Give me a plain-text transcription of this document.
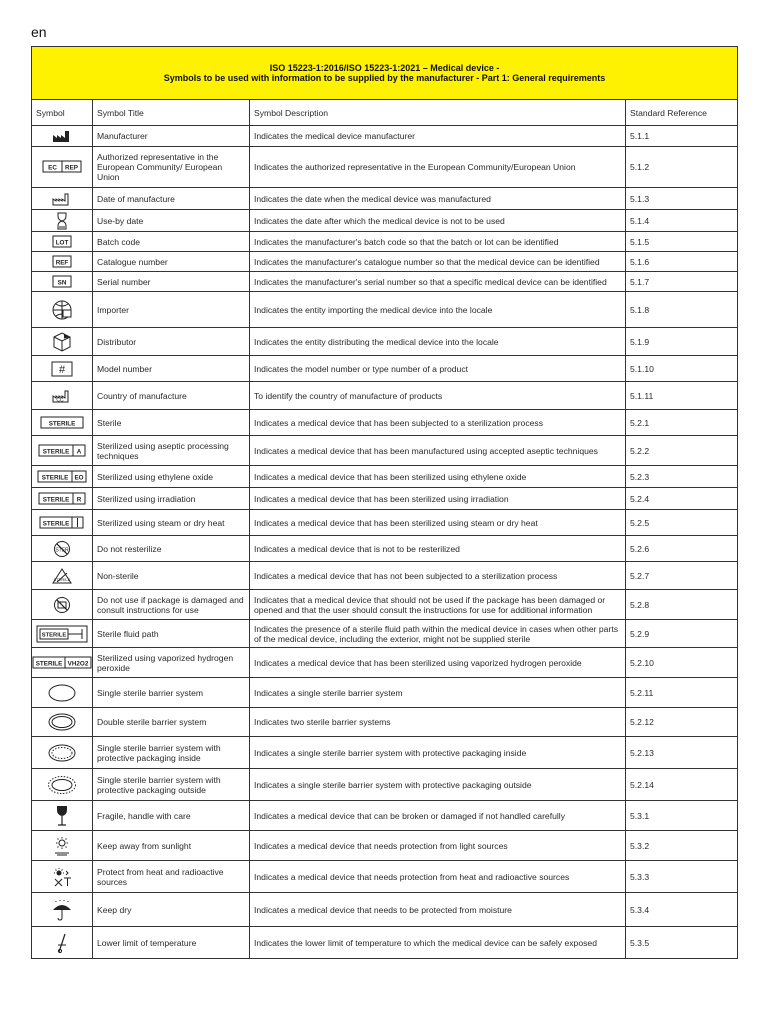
en
ISO 15223-1:2016/ISO 15223-1:2021 – Medical device -
Symbols to be used with information to be supplied by the manufacturer - Part 1: General requirements			

Symbol	Symbol Title	Symbol Description	Standard Reference

	Manufacturer	Indicates the medical device manufacturer	5.1.1

EC REP	Authorized representative in the European Community/ European Union	Indicates the authorized representative in the European Community/European Union	5.1.2

	Date of manufacture	Indicates the date when the medical device was manufactured	5.1.3

	Use-by date	Indicates the date after which the medical device is not to be used	5.1.4

LOT	Batch code	Indicates the manufacturer's batch code so that the batch or lot can be identified	5.1.5

REF	Catalogue number	Indicates the manufacturer's catalogue number so that the medical device can be identified	5.1.6

SN	Serial number	Indicates the manufacturer's serial number so that a specific medical device can be identified	5.1.7

	Importer	Indicates the entity importing the medical device into the locale	5.1.8

	Distributor	Indicates the entity distributing the medical device into the locale	5.1.9

#	Model number	Indicates the model number or type number of a product	5.1.10

CC	Country of manufacture	To identify the country of manufacture of products	5.1.11

STERILE	Sterile	Indicates a medical device that has been subjected to a sterilization process	5.2.1

STERILE A	Sterilized using aseptic processing techniques	Indicates a medical device that has been manufactured using accepted aseptic techniques	5.2.2

STERILE EO	Sterilized using ethylene oxide	Indicates a medical device that has been sterilized using ethylene oxide	5.2.3

STERILE R	Sterilized using irradiation	Indicates a medical device that has been sterilized using irradiation	5.2.4

STERILE	Sterilized using steam or dry heat	Indicates a medical device that has been sterilized using steam or dry heat	5.2.5

STER	Do not resterilize	Indicates a medical device that is not to be resterilized	5.2.6

STERILE	Non-sterile	Indicates a medical device that has not been subjected to a sterilization process	5.2.7

	Do not use if package is damaged and consult instructions for use	Indicates that a medical device that should not be used if the package has been damaged or opened and that the user should consult the instructions for use for additional information	5.2.8

STERILE	Sterile fluid path	Indicates the presence of a sterile fluid path within the medical device in cases when other parts of the medical device, including the exterior, might not be supplied sterile	5.2.9

STERILE VH2O2	Sterilized using vaporized hydrogen peroxide	Indicates a medical device that has been sterilized using vaporized hydrogen peroxide	5.2.10

	Single sterile barrier system	Indicates a single sterile barrier system	5.2.11

	Double sterile barrier system	Indicates two sterile barrier systems	5.2.12

	Single sterile barrier system with protective packaging inside	Indicates a single sterile barrier system with protective packaging inside	5.2.13

	Single sterile barrier system with protective packaging outside	Indicates a single sterile barrier system with protective packaging outside	5.2.14

	Fragile, handle with care	Indicates a medical device that can be broken or damaged if not handled carefully	5.3.1

	Keep away from sunlight	Indicates a medical device that needs protection from light sources	5.3.2

	Protect from heat and radioactive sources	Indicates a medical device that needs protection from heat and radioactive sources	5.3.3

	Keep dry	Indicates a medical device that needs to be protected from moisture	5.3.4

	Lower limit of temperature	Indicates the lower limit of temperature to which the medical device can be safely exposed	5.3.5
